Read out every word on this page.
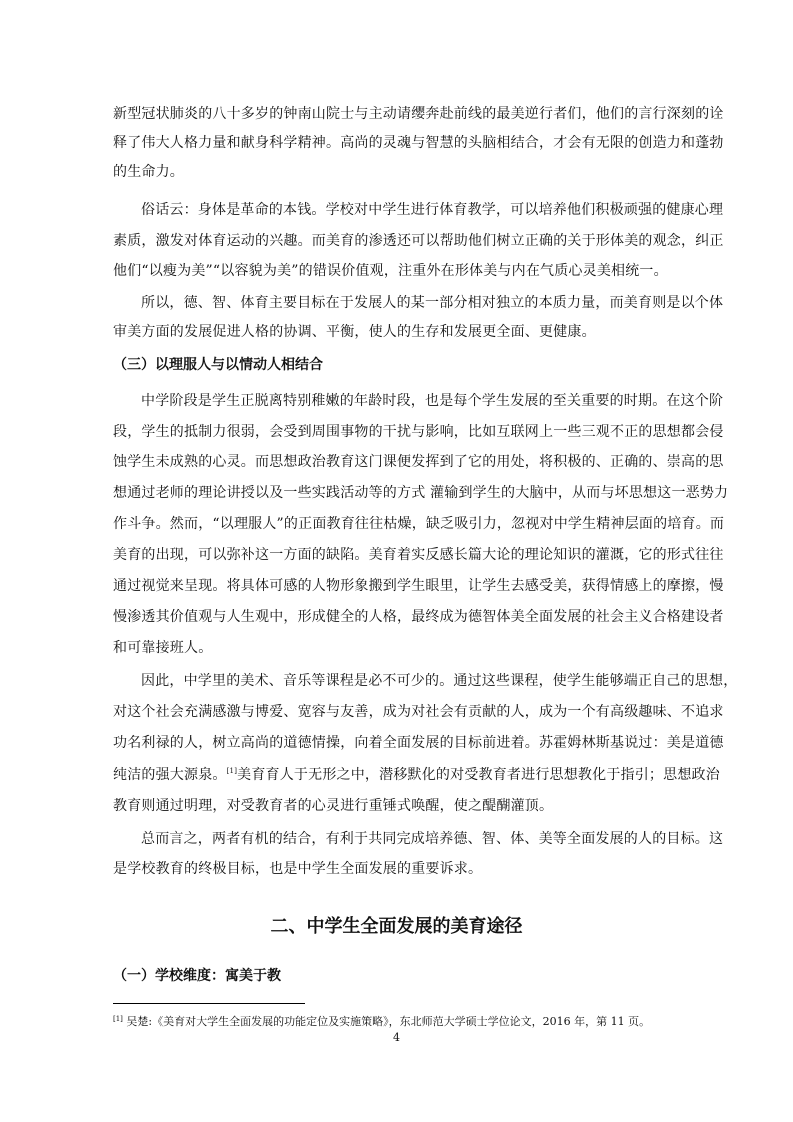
新型冠状肺炎的八十多岁的钟南山院士与主动请缨奔赴前线的最美逆行者们，他们的言行深刻的诠
释了伟大人格力量和献身科学精神。高尚的灵魂与智慧的头脑相结合，才会有无限的创造力和蓬勃
的生命力。
俗话云：身体是革命的本钱。学校对中学生进行体育教学，可以培养他们积极顽强的健康心理
素质，激发对体育运动的兴趣。而美育的渗透还可以帮助他们树立正确的关于形体美的观念，纠正
他们“以瘦为美”“以容貌为美”的错误价值观，注重外在形体美与内在气质心灵美相统一。
所以，德、智、体育主要目标在于发展人的某一部分相对独立的本质力量，而美育则是以个体
审美方面的发展促进人格的协调、平衡，使人的生存和发展更全面、更健康。
（三）以理服人与以情动人相结合
中学阶段是学生正脱离特别稚嫩的年龄时段，也是每个学生发展的至关重要的时期。在这个阶
段，学生的抵制力很弱，会受到周围事物的干扰与影响，比如互联网上一些三观不正的思想都会侵
蚀学生未成熟的心灵。而思想政治教育这门课便发挥到了它的用处，将积极的、正确的、崇高的思
想通过老师的理论讲授以及一些实践活动等的方式 灌输到学生的大脑中，从而与坏思想这一恶势力
作斗争。然而，“以理服人”的正面教育往往枯燥，缺乏吸引力，忽视对中学生精神层面的培育。而
美育的出现，可以弥补这一方面的缺陷。美育着实反感长篇大论的理论知识的灌溉，它的形式往往
通过视觉来呈现。将具体可感的人物形象搬到学生眼里，让学生去感受美，获得情感上的摩擦，慢
慢渗透其价值观与人生观中，形成健全的人格，最终成为德智体美全面发展的社会主义合格建设者
和可靠接班人。
因此，中学里的美术、音乐等课程是必不可少的。通过这些课程，使学生能够端正自己的思想，
对这个社会充满感激与博爱、宽容与友善，成为对社会有贡献的人，成为一个有高级趣味、不追求
功名利禄的人，树立高尚的道德情操，向着全面发展的目标前进着。苏霍姆林斯基说过：美是道德
纯洁的强大源泉。[1]美育育人于无形之中，潜移默化的对受教育者进行思想教化于指引；思想政治
教育则通过明理，对受教育者的心灵进行重锤式唤醒，使之醍醐灌顶。
总而言之，两者有机的结合，有利于共同完成培养德、智、体、美等全面发展的人的目标。这
是学校教育的终极目标，也是中学生全面发展的重要诉求。
二、中学生全面发展的美育途径
（一）学校维度：寓美于教
[1] 吴楚:《美育对大学生全面发展的功能定位及实施策略》，东北师范大学硕士学位论文，2016 年，第 11 页。
4
